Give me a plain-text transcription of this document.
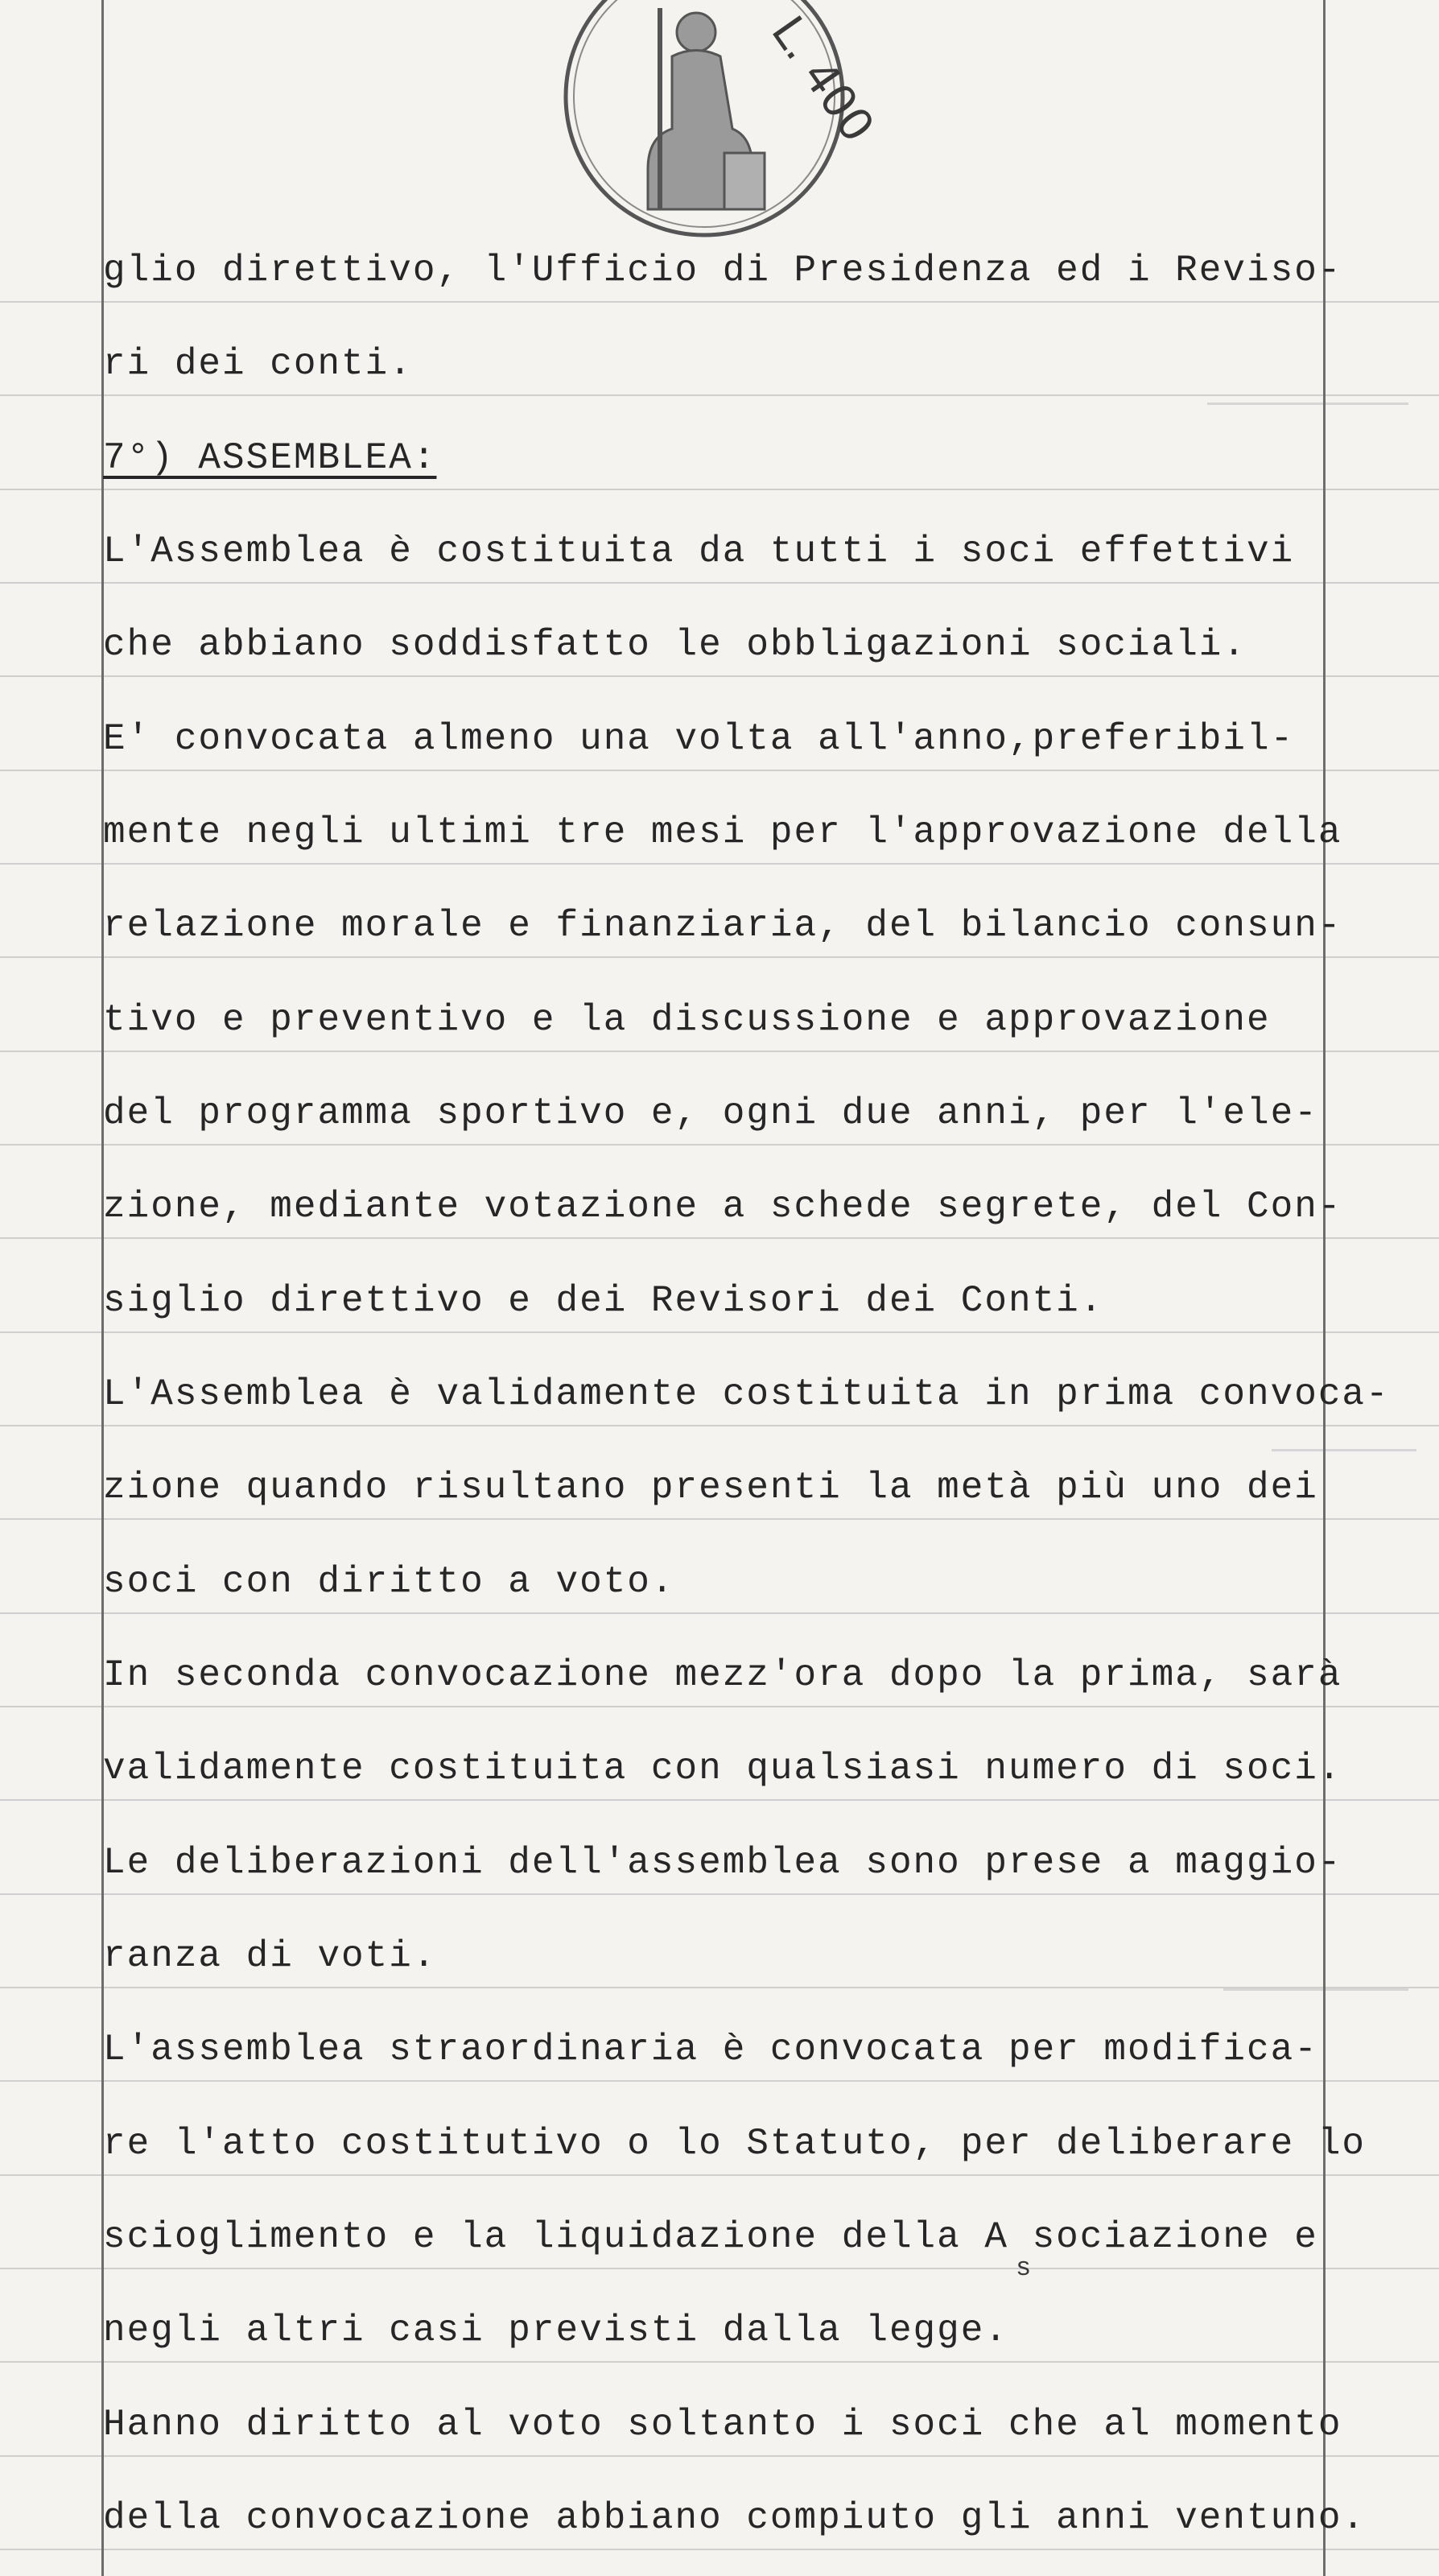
L. 400
glio direttivo, l'Ufficio di Presidenza ed i Reviso-
ri dei conti.
7°) ASSEMBLEA:
L'Assemblea è costituita da tutti i soci effettivi
che abbiano soddisfatto le obbligazioni sociali.
E' convocata almeno una volta all'anno,preferibil-
mente negli ultimi tre mesi per l'approvazione della
relazione morale e finanziaria, del bilancio consun-
tivo e preventivo e la discussione e approvazione
del programma sportivo e, ogni due anni, per l'ele-
zione, mediante votazione a schede segrete, del Con-
siglio direttivo e dei Revisori dei Conti.
L'Assemblea è validamente costituita in prima convoca-
zione quando risultano presenti la metà più uno dei
soci con diritto a voto.
In seconda convocazione mezz'ora dopo la prima, sarà
validamente costituita con qualsiasi numero di soci.
Le deliberazioni dell'assemblea sono prese a maggio-
ranza di voti.
L'assemblea straordinaria è convocata per modifica-
re l'atto costitutivo o lo Statuto, per deliberare lo
scioglimento e la liquidazione della A sociazione e
negli altri casi previsti dalla legge.
Hanno diritto al voto soltanto i soci che al momento
della convocazione abbiano compiuto gli anni ventuno.
s
